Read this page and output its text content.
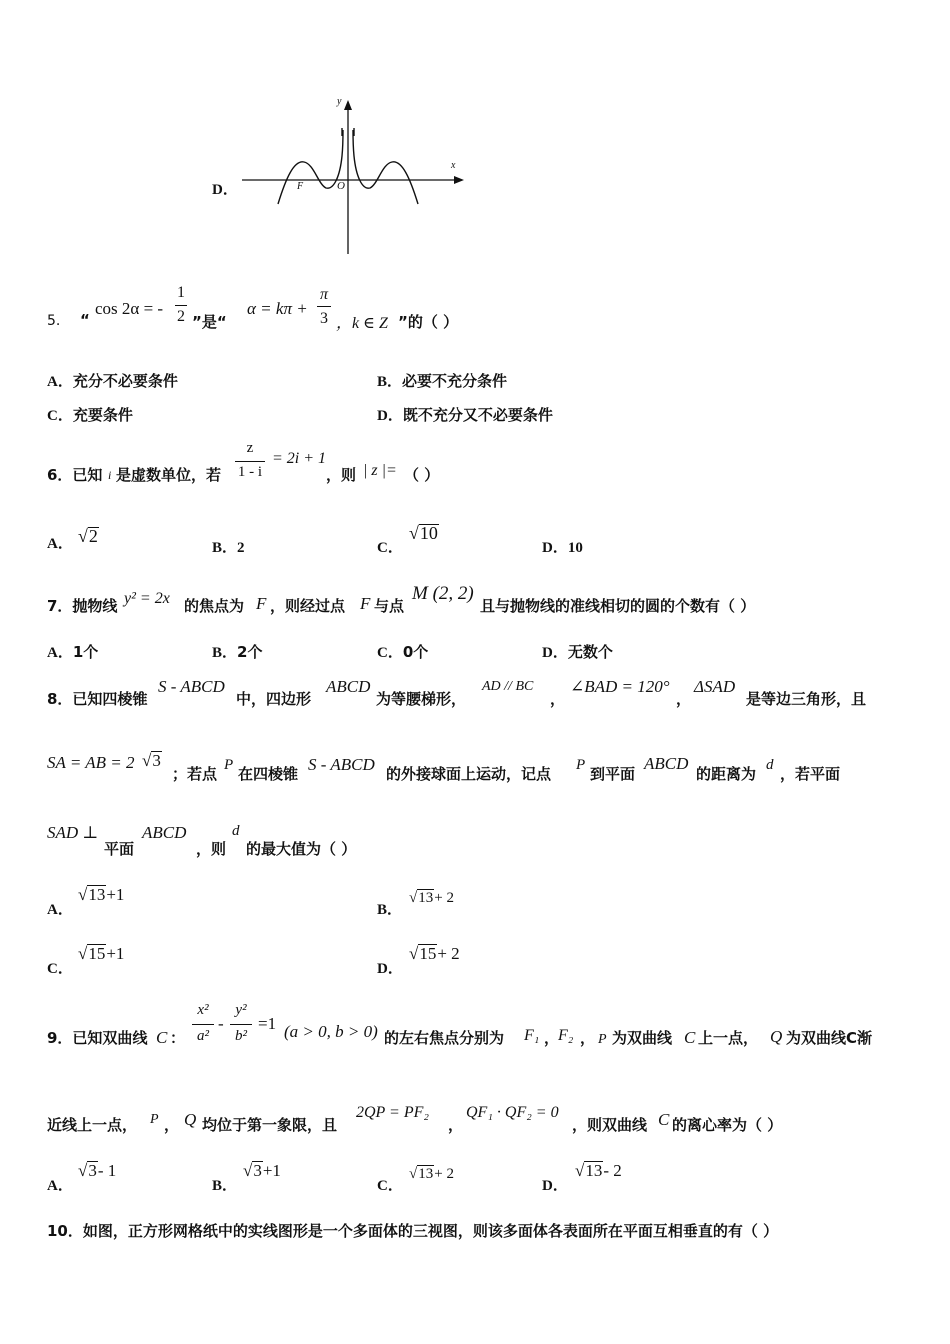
D．
y
x
O
F
5. “
cos 2α = -
1
2 ”是“
α = kπ +
π
3 ，k ∈ Z ”的（ ）
A．充分不必要条件	B．必要不充分条件
C．充要条件	D．既不充分又不必要条件
6．已知 i 是虚数单位，若
z
1 - i
= 2i + 1
，则 | z |= （ ）
A． √2
B．2	C．
√10
D．10
7．抛物线 y² = 2x 的焦点为 F ，则经过点 F 与点
M (2, 2)
且与抛物线的准线相切的圆的个数有（ ）
A．1个	B．2个	C．0个	D．无数个
8．已知四棱锥
S - ABCD
中，四边形
ABCD
为等腰梯形，
AD // BC
，
∠BAD = 120°
，
ΔSAD
是等边三角形，且
SA = AB = 2 √3
；若点 P 在四棱锥 S - ABCD 的外接球面上运动，记点 P 到平面
ABCD
的距离为 d ，若平面
SAD ⊥
平面
ABCD
，则
d
的最大值为（ ）
A．
√13+1
B．
√13+ 2
C．
√15+1
D．
√15+ 2
9．已知双曲线 C ：
x²
a²
-
y²
b²
=1 (a > 0, b > 0) 的左右焦点分别为 F₁ ，
F₂ ， P 为双曲线 C 上一点， Q 为双曲线C渐
近线上一点， P ， Q 均位于第一象限，且
2QP = PF₂
，
QF₁ · QF₂ = 0
，则双曲线 C 的离心率为（ ）
A．
√3- 1
B．
√3+1
C．
√13+ 2
D．
√13- 2
10．如图，正方形网格纸中的实线图形是一个多面体的三视图，则该多面体各表面所在平面互相垂直的有（ ）
